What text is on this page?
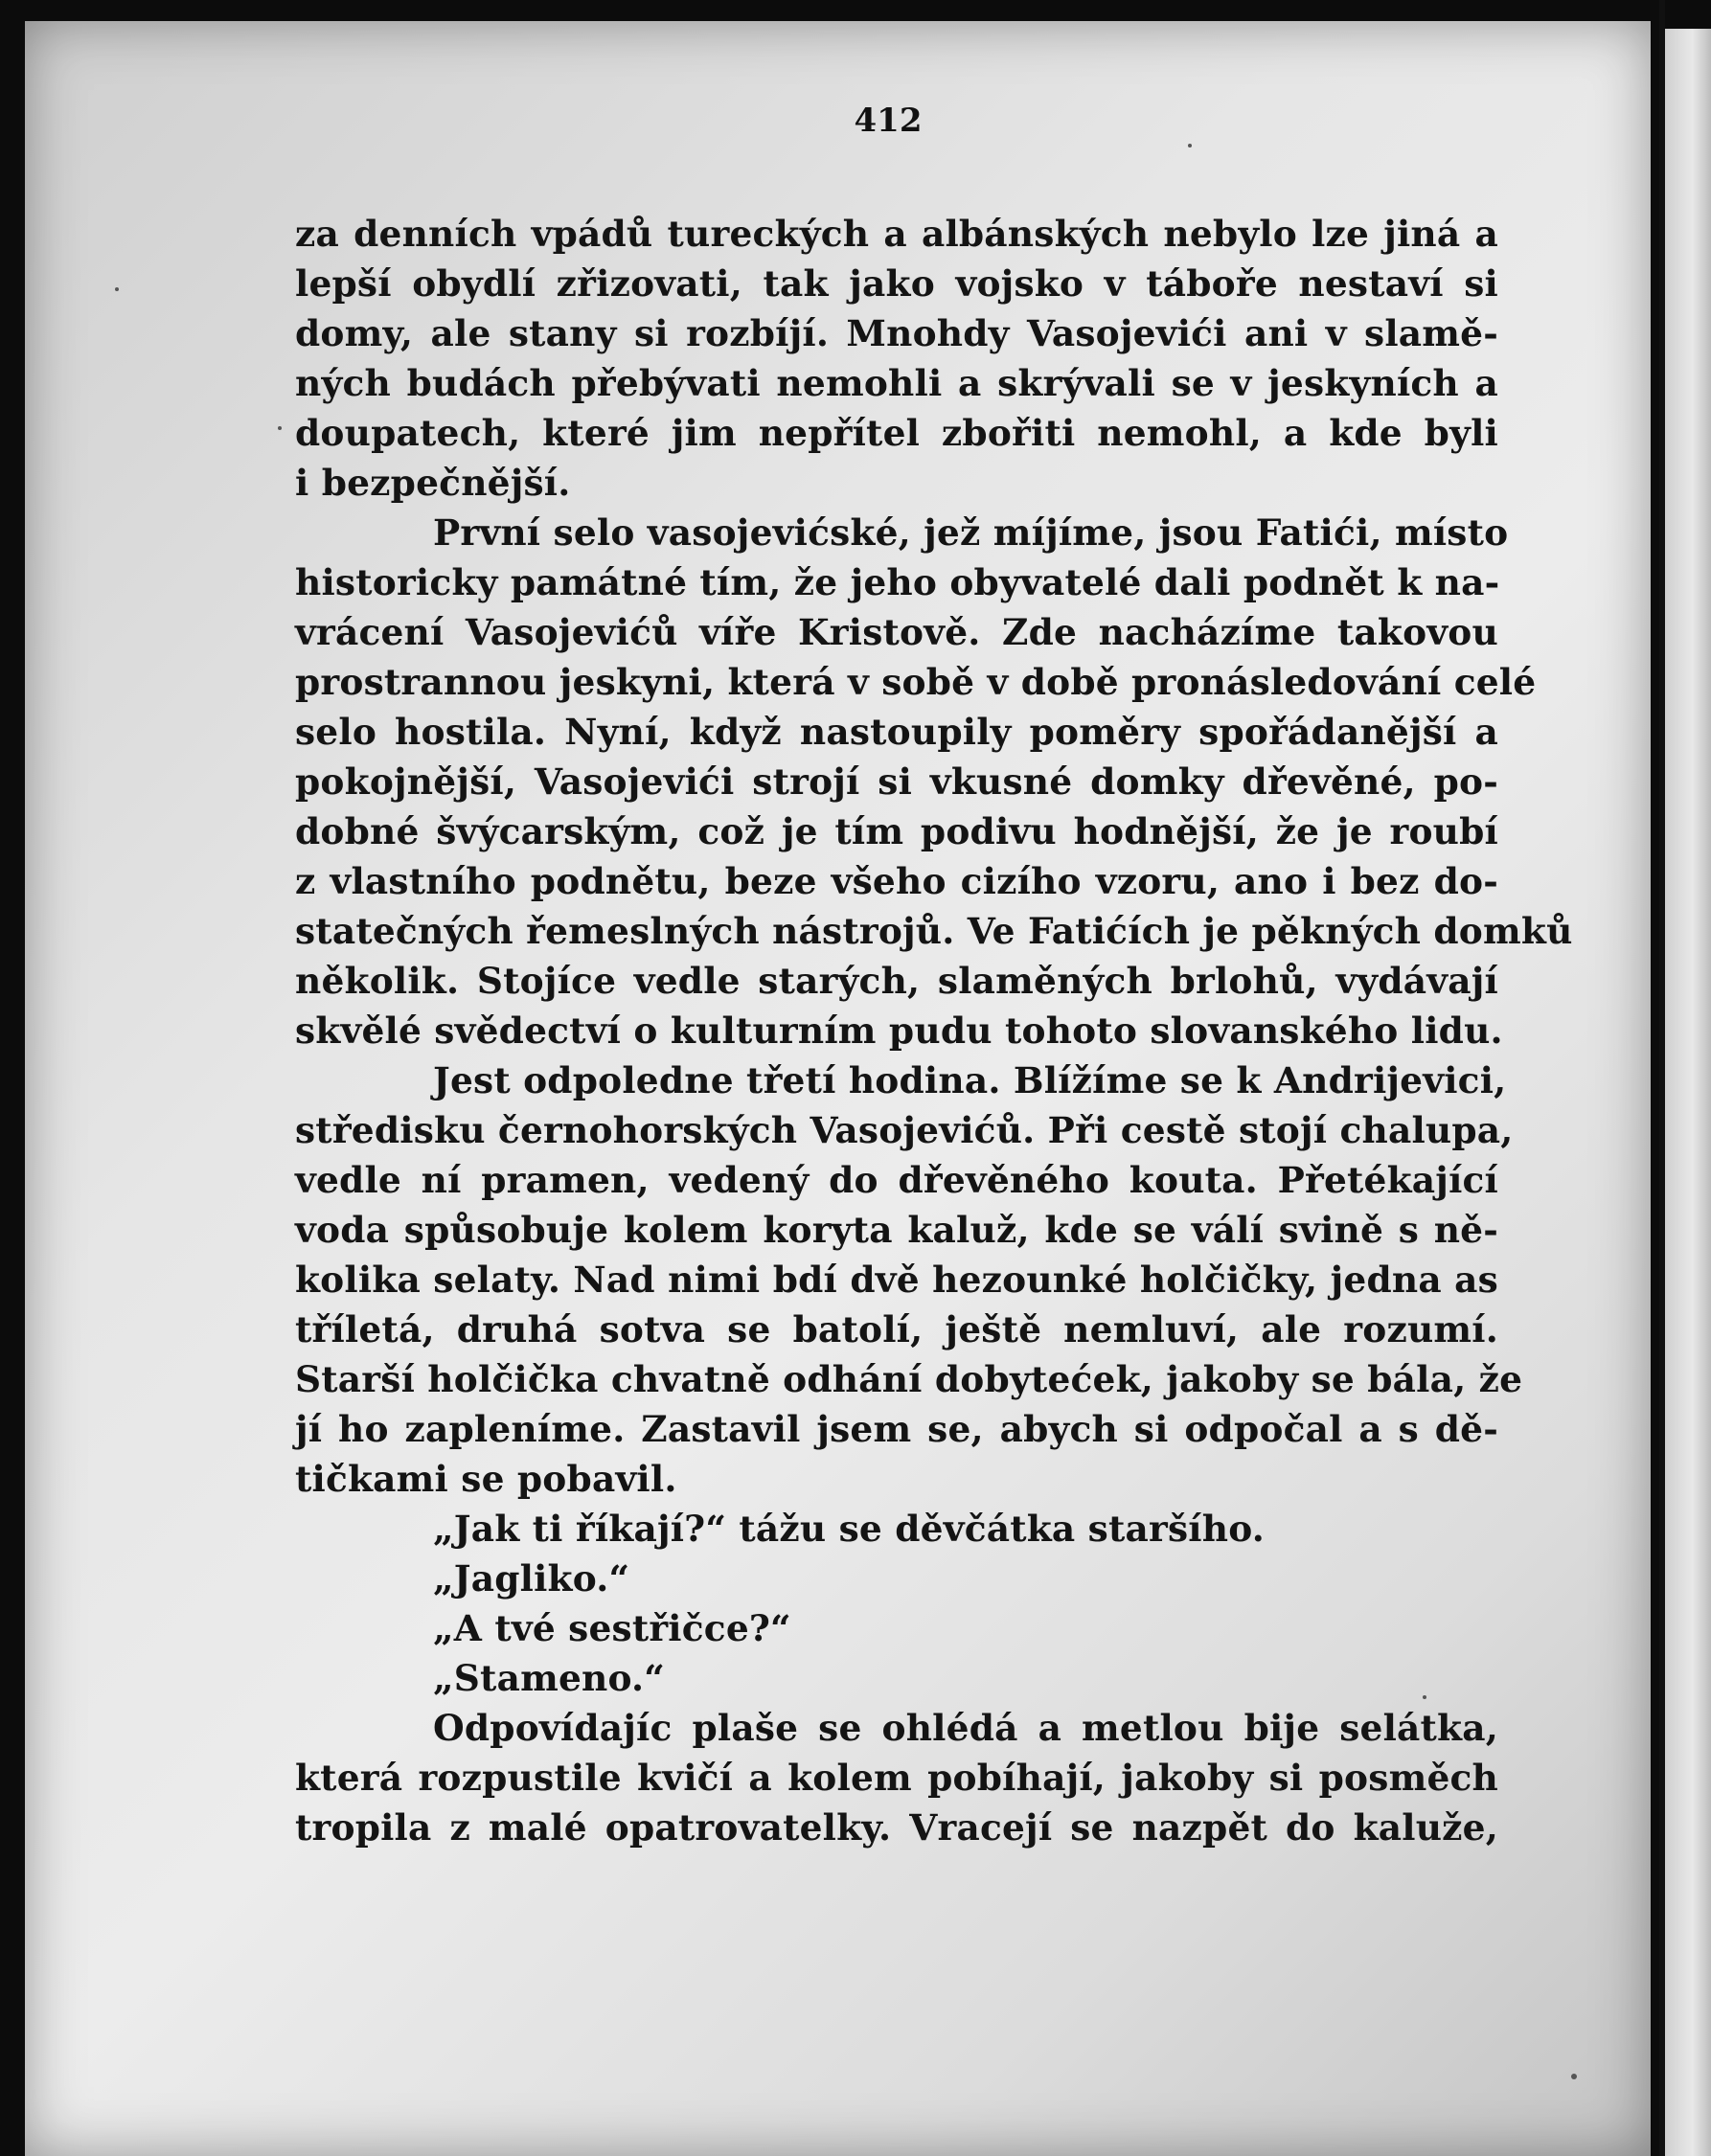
412
za denních vpádů tureckých a albánských nebylo lze jiná a
lepší obydlí zřizovati, tak jako vojsko v táboře nestaví si
domy, ale stany si rozbíjí. Mnohdy Vasojevići ani v slamě-
ných budách přebývati nemohli a skrývali se v jeskyních a
doupatech, které jim nepřítel zbořiti nemohl, a kde byli
i bezpečnější.
První selo vasojevićské, jež míjíme, jsou Fatići, místo
historicky památné tím, že jeho obyvatelé dali podnět k na-
vrácení Vasojevićů víře Kristově. Zde nacházíme takovou
prostrannou jeskyni, která v sobě v době pronásledování celé
selo hostila. Nyní, když nastoupily poměry spořádanější a
pokojnější, Vasojevići strojí si vkusné domky dřevěné, po-
dobné švýcarským, což je tím podivu hodnější, že je roubí
z vlastního podnětu, beze všeho cizího vzoru, ano i bez do-
statečných řemeslných nástrojů. Ve Fatićích je pěkných domků
několik. Stojíce vedle starých, slaměných brlohů, vydávají
skvělé svědectví o kulturním pudu tohoto slovanského lidu.
Jest odpoledne třetí hodina. Blížíme se k Andrijevici,
středisku černohorských Vasojevićů. Při cestě stojí chalupa,
vedle ní pramen, vedený do dřevěného kouta. Přetékající
voda spůsobuje kolem koryta kaluž, kde se válí svině s ně-
kolika selaty. Nad nimi bdí dvě hezounké holčičky, jedna as
tříletá, druhá sotva se batolí, ještě nemluví, ale rozumí.
Starší holčička chvatně odhání dobytećek, jakoby se bála, že
jí ho zapleníme. Zastavil jsem se, abych si odpočal a s dě-
tičkami se pobavil.
„Jak ti říkají?“ tážu se děvčátka staršího.
„Jagliko.“
„A tvé sestřičce?“
„Stameno.“
Odpovídajíc plaše se ohlédá a metlou bije selátka,
která rozpustile kvičí a kolem pobíhají, jakoby si posměch
tropila z malé opatrovatelky. Vracejí se nazpět do kaluže,
